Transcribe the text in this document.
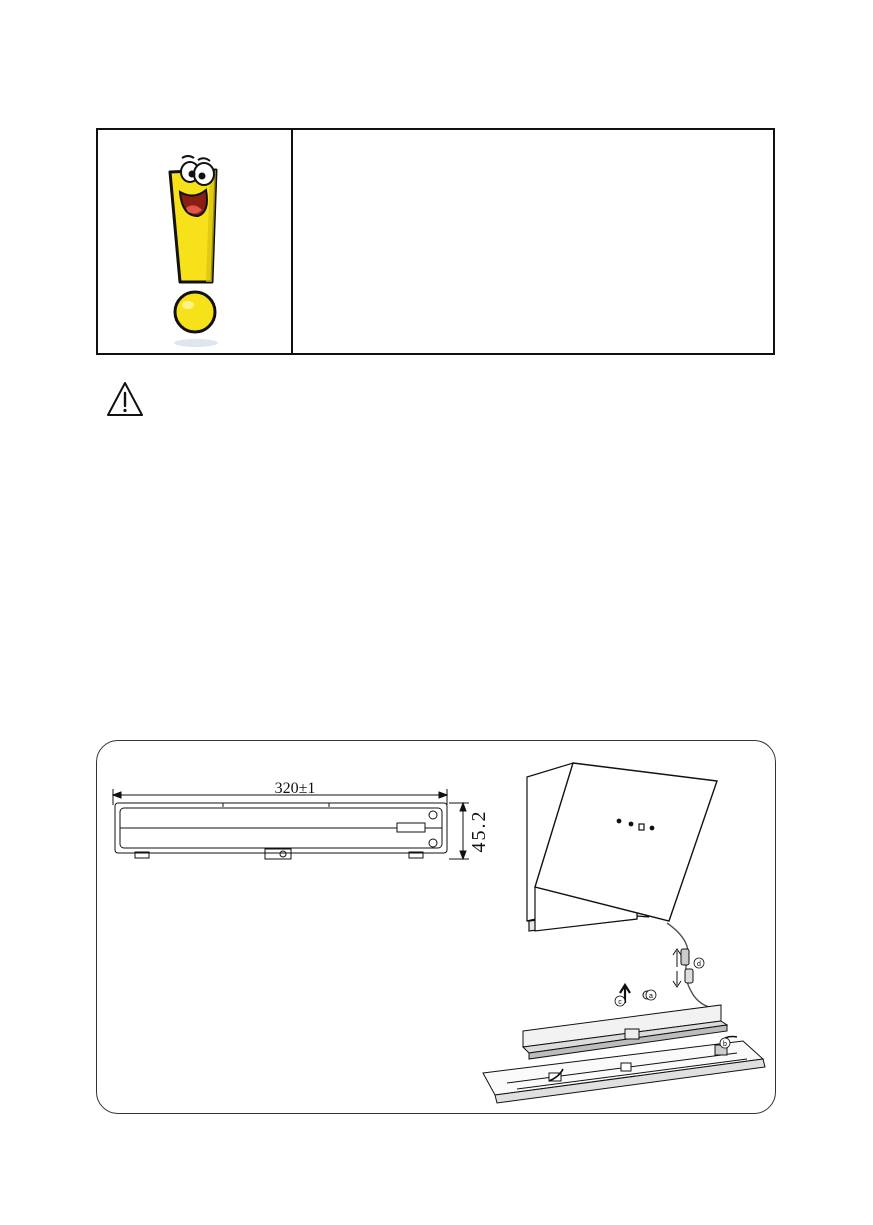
320±1
45.2
a
c
d
b
